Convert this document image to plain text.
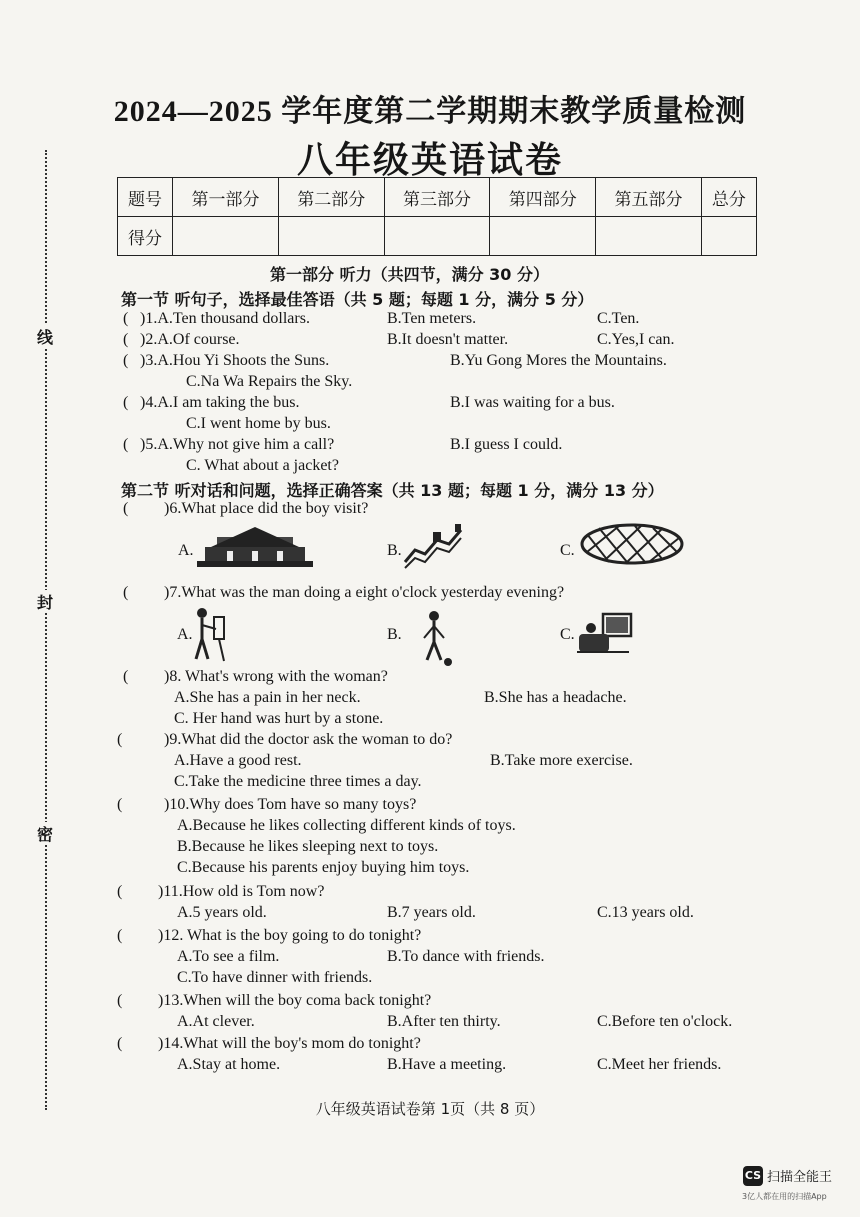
线
封
密
2024—2025 学年度第二学期期末教学质量检测
八年级英语试卷
题号	第一部分	第二部分	第三部分	第四部分	第五部分	总分
得分						
第一部分 听力（共四节，满分 30 分）
第一节 听句子，选择最佳答语（共 5 题；每题 1 分，满分 5 分）
( )1.A.Ten thousand dollars.	B.Ten meters.	C.Ten.
( )2.A.Of course.	B.It doesn't matter.	C.Yes,I can.
( )3.A.Hou Yi Shoots the Suns.	B.Yu Gong Mores the Mountains.
C.Na Wa Repairs the Sky.
( )4.A.I am taking the bus.	B.I was waiting for a bus.
C.I went home by bus.
( )5.A.Why not give him a call?	B.I guess I could.
C. What about a jacket?
第二节 听对话和问题，选择正确答案（共 13 题；每题 1 分，满分 13 分）
( )6.What place did the boy visit?
A.	B.	C.
( )7.What was the man doing a eight o'clock yesterday evening?
A.	B.	C.
( )8. What's wrong with the woman?
A.She has a pain in her neck.	B.She has a headache.
C. Her hand was hurt by a stone.
(	)9.What did the doctor ask the woman to do?
A.Have a good rest.	B.Take more exercise.
C.Take the medicine three times a day.
(	)10.Why does Tom have so many toys?
A.Because he likes collecting different kinds of toys.
B.Because he likes sleeping next to toys.
C.Because his parents enjoy buying him toys.
( )11.How old is Tom now?
A.5 years old.	B.7 years old.	C.13 years old.
( )12. What is the boy going to do tonight?
A.To see a film.	B.To dance with friends.
C.To have dinner with friends.
( )13.When will the boy coma back tonight?
A.At clever.	B.After ten thirty.	C.Before ten o'clock.
( )14.What will the boy's mom do tonight?
A.Stay at home.	B.Have a meeting.	C.Meet her friends.
八年级英语试卷第 1页（共 8 页）
CS 扫描全能王
3亿人都在用的扫描App
